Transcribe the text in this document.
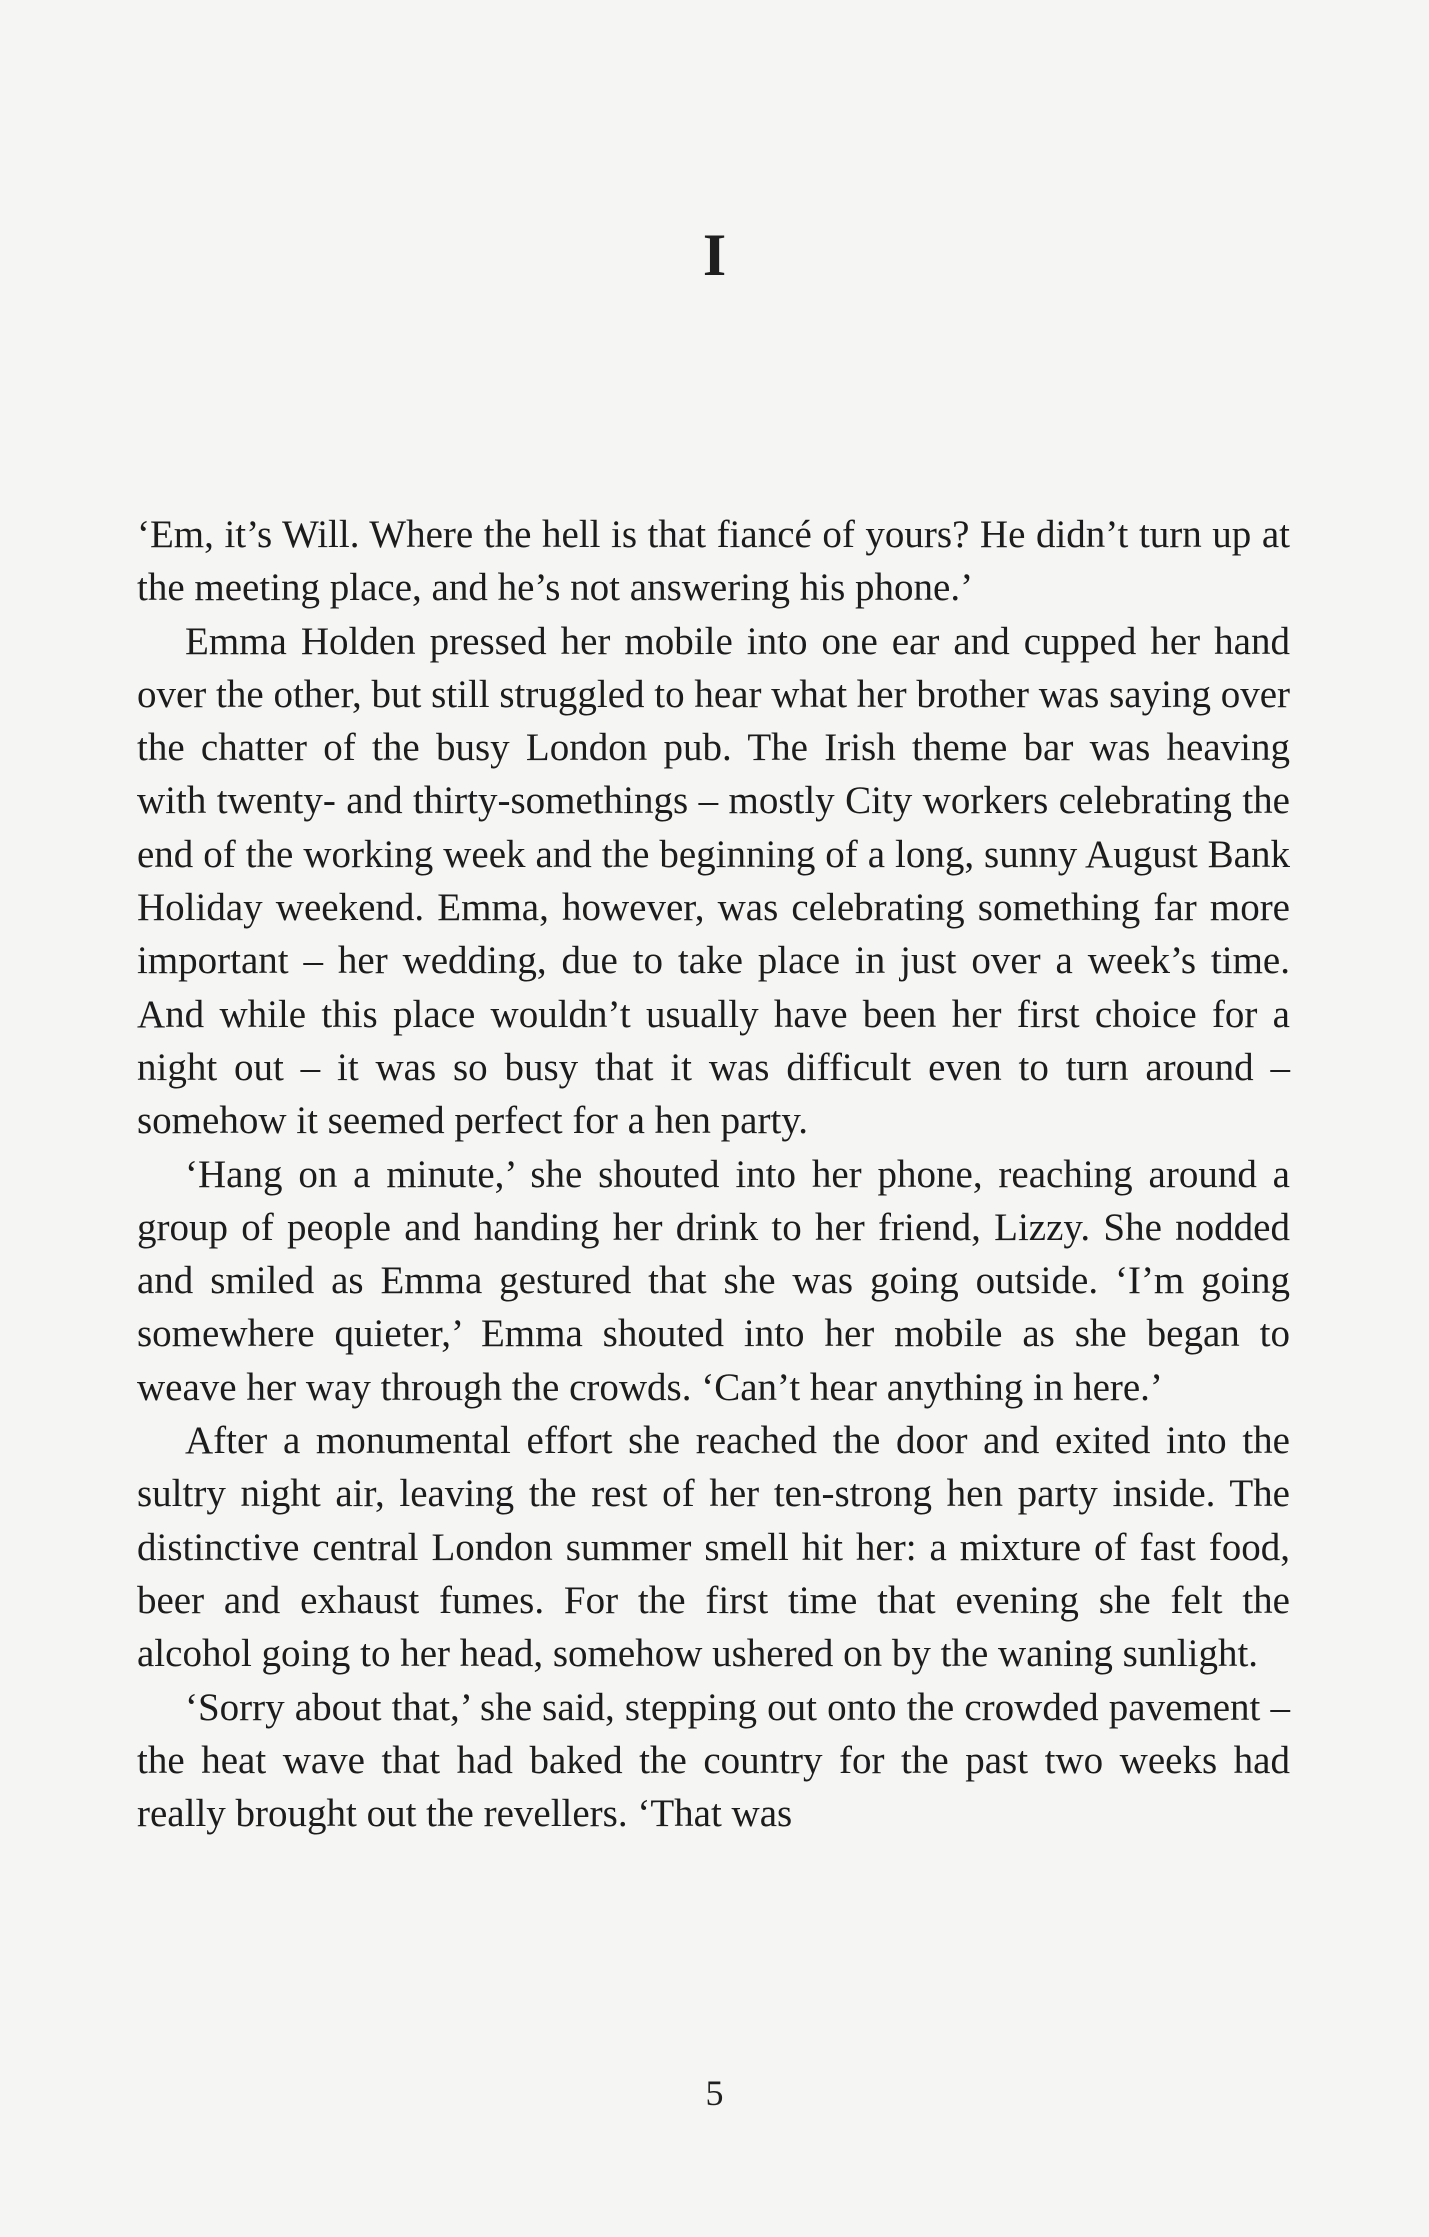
I

‘Em, it’s Will. Where the hell is that fiancé of yours? He didn’t turn up at the meeting place, and he’s not answering his phone.’

Emma Holden pressed her mobile into one ear and cupped her hand over the other, but still struggled to hear what her brother was saying over the chatter of the busy London pub. The Irish theme bar was heaving with twenty- and thirty-somethings – mostly City workers celebrating the end of the working week and the beginning of a long, sunny August Bank Holiday weekend. Emma, however, was celebrating something far more important – her wedding, due to take place in just over a week’s time. And while this place wouldn’t usually have been her first choice for a night out – it was so busy that it was difficult even to turn around – somehow it seemed perfect for a hen party.

‘Hang on a minute,’ she shouted into her phone, reaching around a group of people and handing her drink to her friend, Lizzy. She nodded and smiled as Emma gestured that she was going outside. ‘I’m going somewhere quieter,’ Emma shouted into her mobile as she began to weave her way through the crowds. ‘Can’t hear anything in here.’

After a monumental effort she reached the door and exited into the sultry night air, leaving the rest of her ten-strong hen party inside. The distinctive central London summer smell hit her: a mixture of fast food, beer and exhaust fumes. For the first time that evening she felt the alcohol going to her head, somehow ushered on by the waning sunlight.

‘Sorry about that,’ she said, stepping out onto the crowded pavement – the heat wave that had baked the country for the past two weeks had really brought out the revellers. ‘That was

5
